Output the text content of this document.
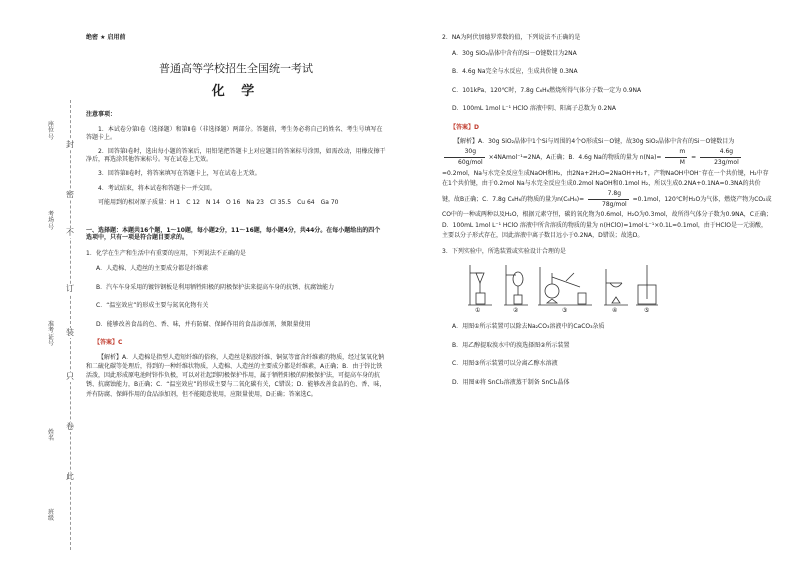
封
密
不
订
装
只
卷
此
座位号
考场号
准考证号
姓名
班级
绝密 ★ 启用前
普通高等学校招生全国统一考试
化 学
注意事项：
1．本试卷分第Ⅰ卷（选择题）和第Ⅱ卷（非选择题）两部分。答题前，考生务必将自己的姓名、考生号填写在答题卡上。
2．回答第Ⅰ卷时，选出每小题的答案后，用铅笔把答题卡上对应题目的答案标号涂黑，如需改动，用橡皮擦干净后，再选涂其他答案标号。写在试卷上无效。
3．回答第Ⅱ卷时，将答案填写在答题卡上，写在试卷上无效。
4．考试结束，将本试卷和答题卡一并交回。
可能用到的相对原子质量：H 1　C 12　N 14　O 16　Na 23　Cl 35.5　Cu 64　Ga 70
一、选择题：本题共16个题，1～10题，每小题2分，11～16题，每小题4分，共44分。在每小题给出的四个选项中，只有一项是符合题目要求的。
1．化学在生产和生活中有重要的应用，下列说法不正确的是
A．人造棉、人造丝的主要成分都是纤维素
B．汽车车身采用的镀锌钢板是利用牺牲阳极的阴极保护法来提高车身的抗锈、抗腐蚀能力
C．“温室效应”的形成主要与氮氧化物有关
D．能够改善食品的色、香、味，并有防腐、保鲜作用的食品添加剂，须限量使用
【答案】C
【解析】A．人造棉是指型人造短纤维的俗称，人造丝是粘胶纤维、铜氨等富含纤维素的物质，经过氢氧化钠和二硫化碳等处理后，得到的一种纤维状物质，人造棉、人造丝的主要成分都是纤维素，A正确；B．由于锌比铁活泼，因此形成原电池时锌作负极，可以对社起到阴极保护作用，属于牺牲阳极的阴极保护法，可提高车身的抗锈、抗腐蚀能力，B正确；C．“温室效应”的形成主要与二氧化碳有关，C错误；D．能够改善食品的色、香、味，并有防腐、保鲜作用的食品添加剂，但不能随意使用，应限量使用，D正确；答案选C。
2．NA为阿伏加德罗常数的值，下列说法不正确的是
A．30g SiO₂晶体中含有的Si－O键数目为2NA
B．4.6g Na完全与水反应，生成共价键 0.3NA
C．101kPa、120℃时，7.8g C₆H₆燃烧所得气体分子数一定为 0.9NA
D．100mL 1mol L⁻¹ HClO 溶液中阴、阳离子总数为 0.2NA
【答案】D
【解析】A．30g SiO₂晶体中1个Si与周围的4个O形成Si－O键，故30g SiO₂晶体中含有的Si－O键数目为
$\frac{30g}{\text{60g/mol}}$ ×4NAmol⁻¹=2NA，A正确；B．4.6g Na的物质的量为 $n(Na)= \frac{m}{M} = \frac{4.6g}{\text{23g/mol}}$
=0.2mol，Na与水完全反应生成NaOH和H₂，由2Na+2H₂O=2NaOH+H₂↑，产物NaOH中OH⁻存在一个共价键，H₂中存在1个共价键，由于0.2mol Na与水完全反应生成0.2mol NaOH和0.1mol H₂，所以生成0.2NA+0.1NA=0.3NA的共价键，故B正确；C．7.8g C₆H₆的物质的量为$n(C_6H_6)= \frac{7.8g}{\text{78g/mol}} =0.1mol$，120℃时H₂O为气体，燃烧产物为CO₂或CO中的一种或两种以及H₂O，根据元素守恒，碳的氧化物为0.6mol，H₂O为0.3mol，故所得气体分子数为0.9NA，C正确；D．100mL 1mol L⁻¹ HClO 溶液中所含溶质的物质的量为 n(HClO)=1mol·L⁻¹×0.1L=0.1mol，由于HClO是一元弱酸，主要以分子形式存在，因此溶液中离子数目远小于0.2NA，D错误；故选D。
3．下列实验中，所选装置或实验设计合理的是
①	②	③	④	⑤
A．用图①所示装置可以除去Na₂CO₃溶液中的CaCO₃杂质
B．用乙醇提取溴水中的溴选择图②所示装置
C．用图③所示装置可以分离乙醇水溶液
D．用图④将 SnCl₂溶液蒸干制备 SnCl₂晶体
